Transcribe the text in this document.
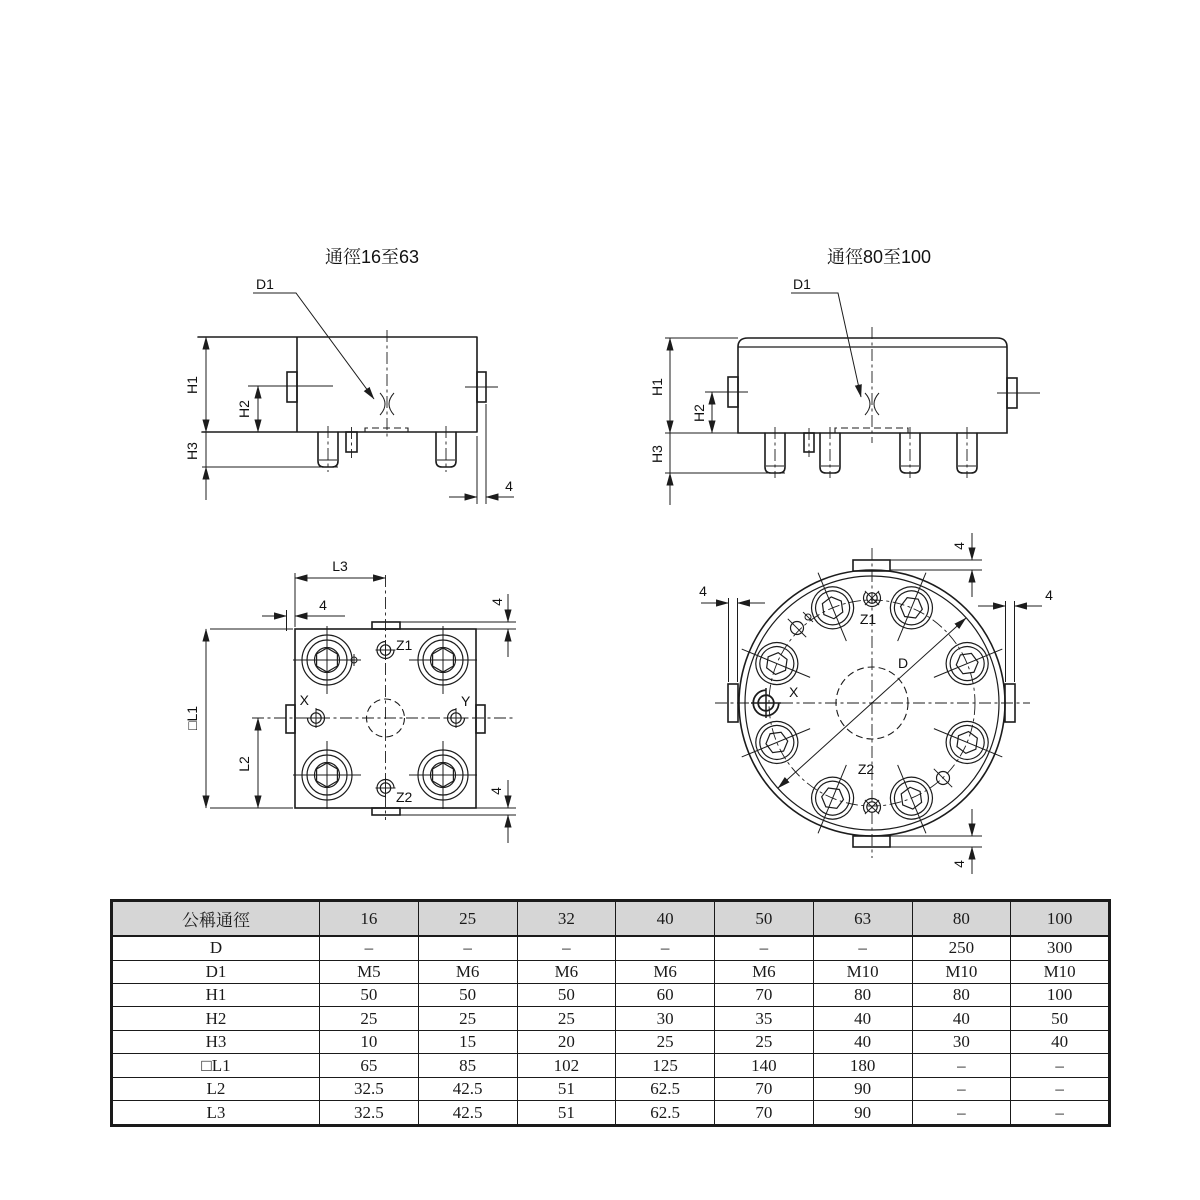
通徑16至63
D1
H1
H2
H3
4
通徑80至100
D1
H1
H2
H3
X	Y
Z1
Z2
L3
4	4
□L1
L2
4
X
Z1
Z2
D
4
4
4	4
公稱通徑	16	25	32	40	50	63	80	100
D	–	–	–	–	–	–	250	300
D1	M5	M6	M6	M6	M6	M10	M10	M10
H1	50	50	50	60	70	80	80	100
H2	25	25	25	30	35	40	40	50
H3	10	15	20	25	25	40	30	40
□L1	65	85	102	125	140	180	–	–
L2	32.5	42.5	51	62.5	70	90	–	–
L3	32.5	42.5	51	62.5	70	90	–	–
